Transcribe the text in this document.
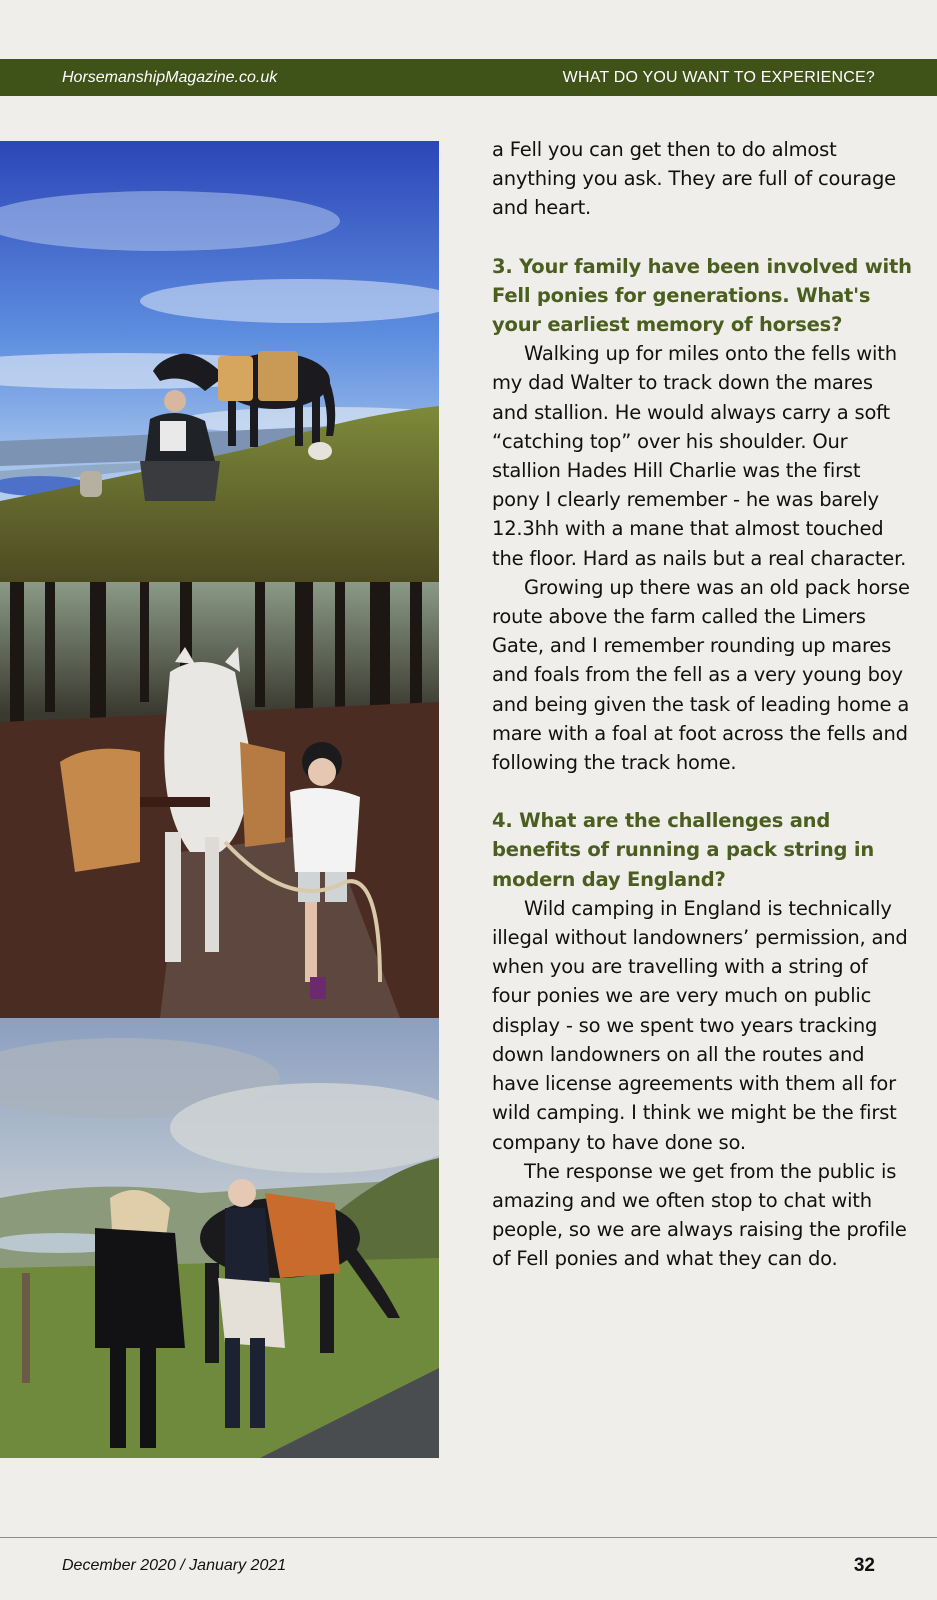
HorsemanshipMagazine.co.uk	WHAT DO YOU WANT TO EXPERIENCE?

a Fell you can get then to do almost anything you ask. They are full of courage and heart.

3. Your family have been involved with Fell ponies for generations. What's your earliest memory of horses?

Walking up for miles onto the fells with my dad Walter to track down the mares and stallion. He would always carry a soft “catching top” over his shoulder. Our stallion Hades Hill Charlie was the first pony I clearly remember - he was barely 12.3hh with a mane that almost touched the floor. Hard as nails but a real character.

Growing up there was an old pack horse route above the farm called the Limers Gate, and I remember rounding up mares and foals from the fell as a very young boy and being given the task of leading home a mare with a foal at foot across the fells and following the track home.

4. What are the challenges and benefits of running a pack string in modern day England?

Wild camping in England is technically illegal without landowners’ permission, and when you are travelling with a string of four ponies we are very much on public display - so we spent two years tracking down landowners on all the routes and have license agreements with them all for wild camping. I think we might be the first company to have done so.

The response we get from the public is amazing and we often stop to chat with people, so we are always raising the profile of Fell ponies and what they can do.

December 2020 / January 2021	32
